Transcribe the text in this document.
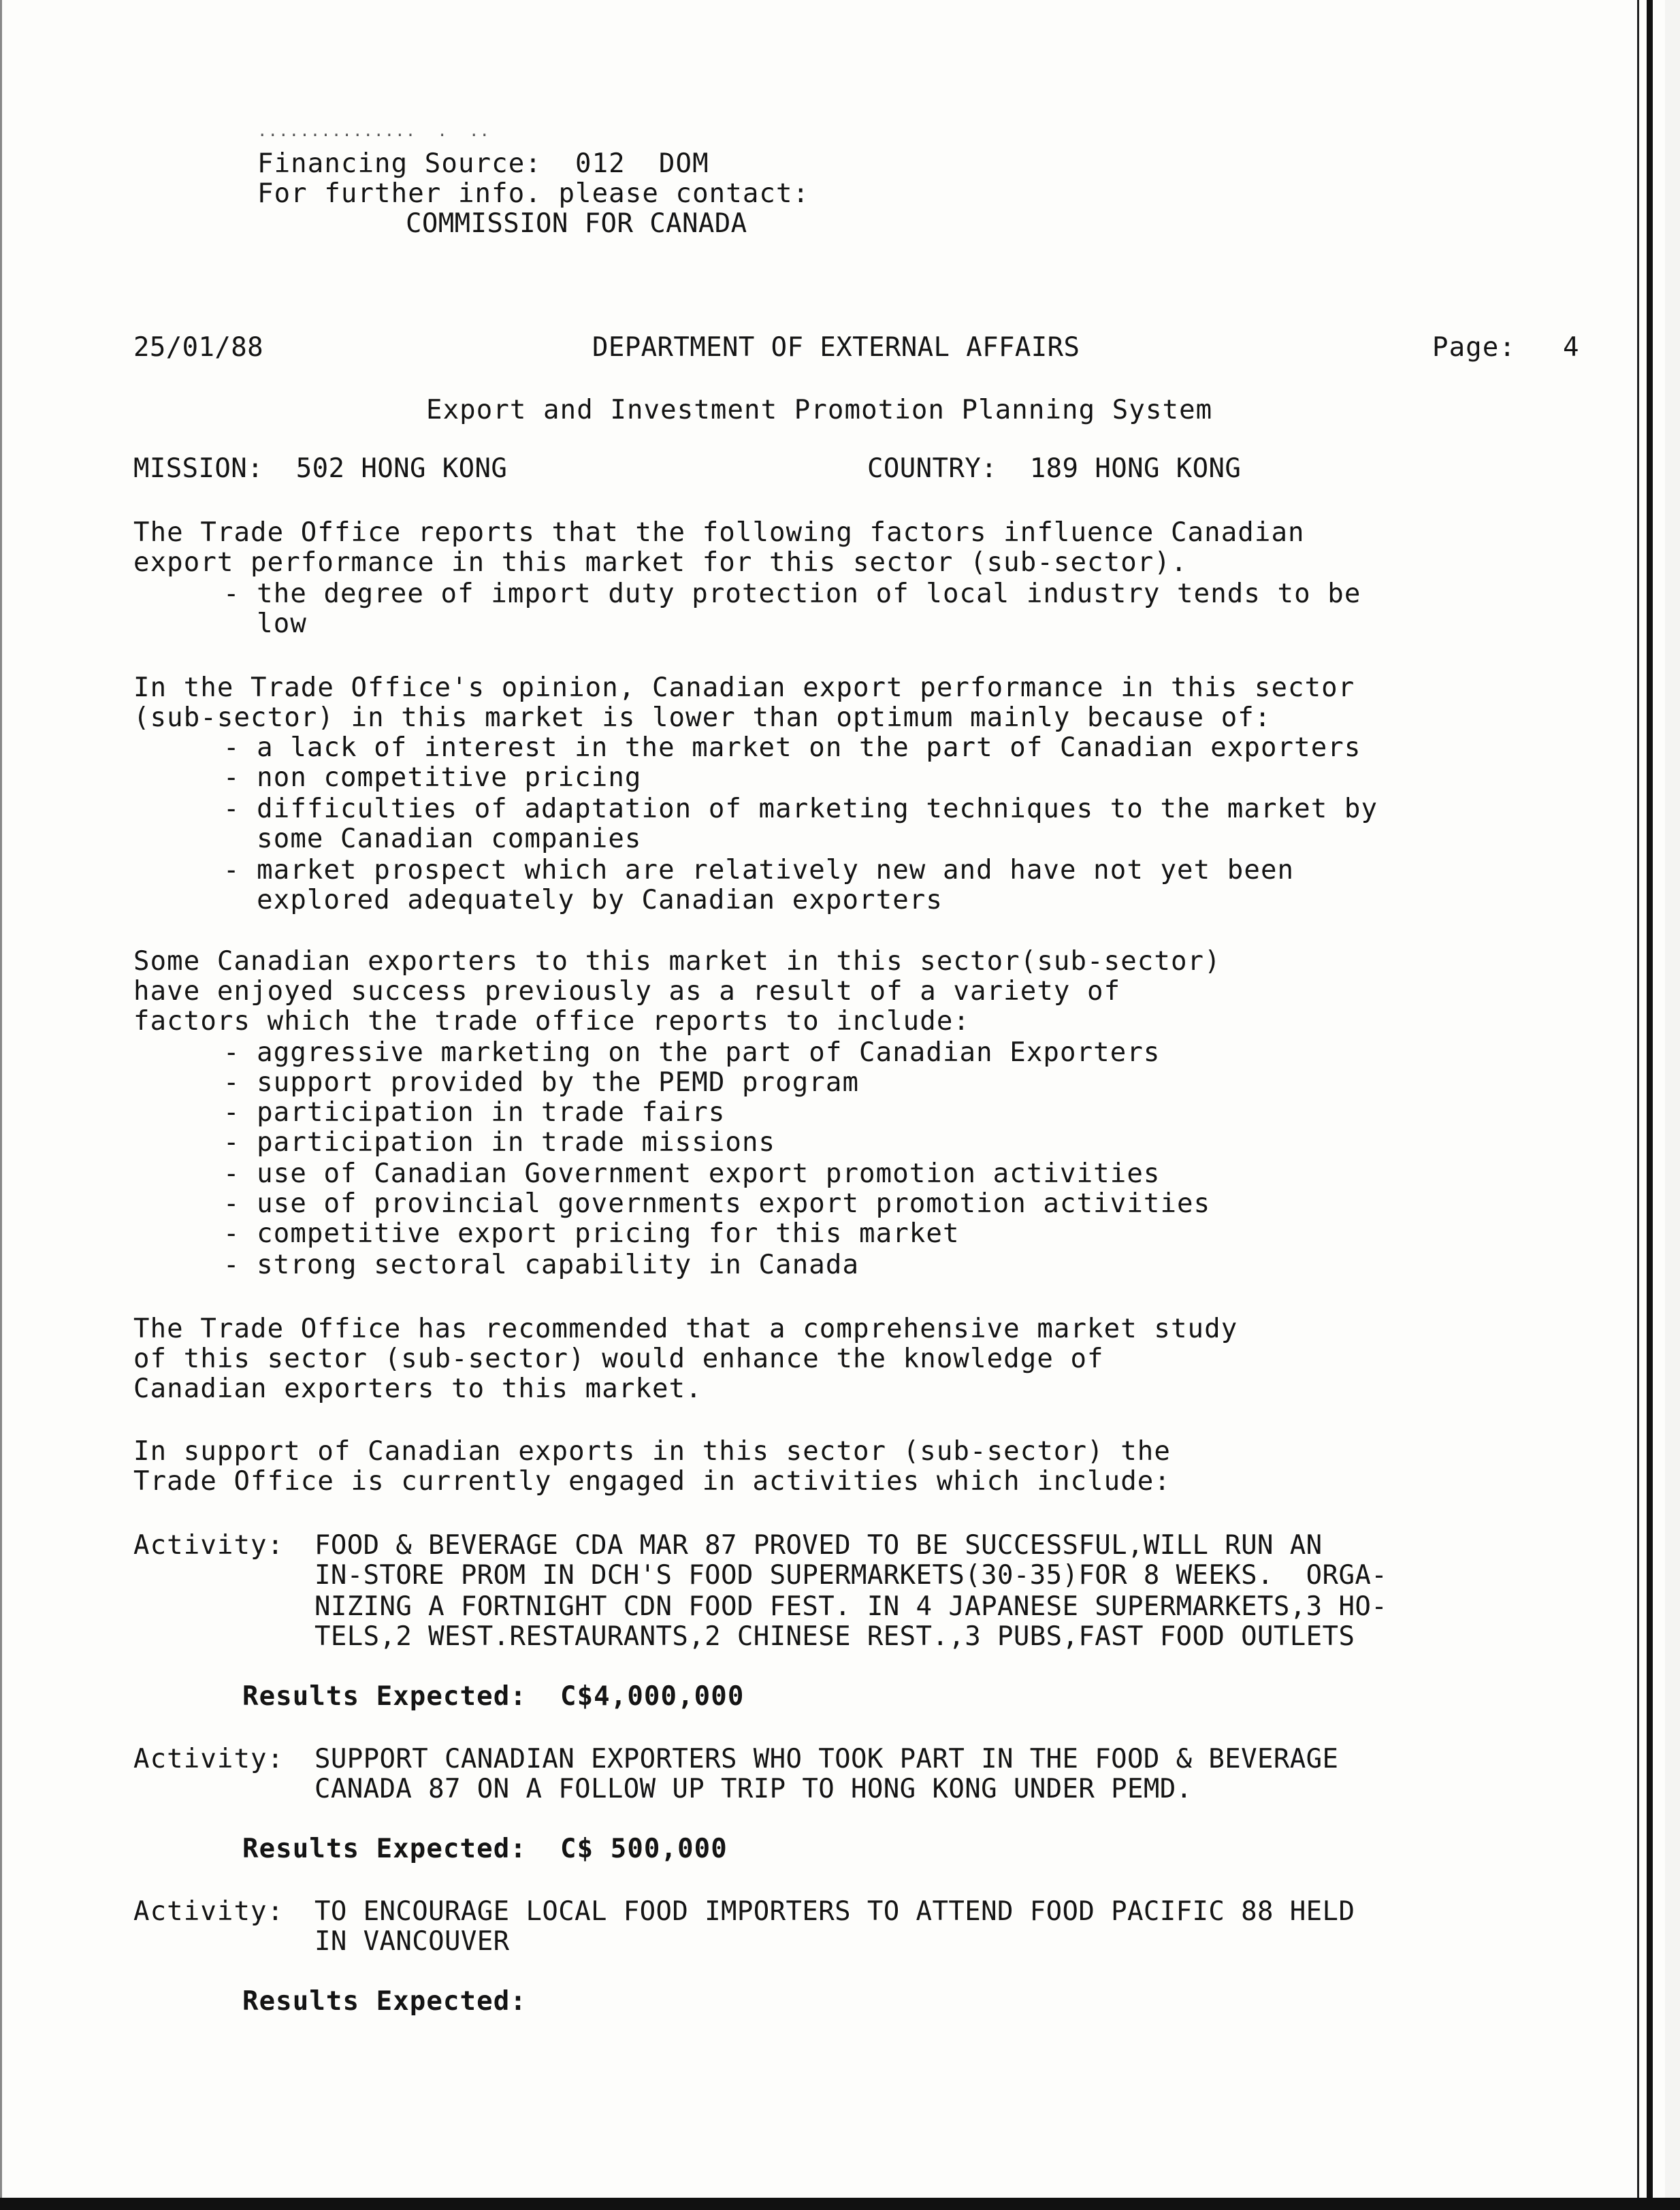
...............  .  ..
Financing Source:  012  DOM
For further info. please contact:
COMMISSION FOR CANADA
25/01/88	DEPARTMENT OF EXTERNAL AFFAIRS	Page: 4
Export and Investment Promotion Planning System
MISSION:  502 HONG KONG	COUNTRY:  189 HONG KONG
The Trade Office reports that the following factors influence Canadian
export performance in this market for this sector (sub-sector).
- the degree of import duty protection of local industry tends to be
low
In the Trade Office's opinion, Canadian export performance in this sector
(sub-sector) in this market is lower than optimum mainly because of:
- a lack of interest in the market on the part of Canadian exporters
- non competitive pricing
- difficulties of adaptation of marketing techniques to the market by
some Canadian companies
- market prospect which are relatively new and have not yet been
explored adequately by Canadian exporters
Some Canadian exporters to this market in this sector(sub-sector)
have enjoyed success previously as a result of a variety of
factors which the trade office reports to include:
- aggressive marketing on the part of Canadian Exporters
- support provided by the PEMD program
- participation in trade fairs
- participation in trade missions
- use of Canadian Government export promotion activities
- use of provincial governments export promotion activities
- competitive export pricing for this market
- strong sectoral capability in Canada
The Trade Office has recommended that a comprehensive market study
of this sector (sub-sector) would enhance the knowledge of
Canadian exporters to this market.
In support of Canadian exports in this sector (sub-sector) the
Trade Office is currently engaged in activities which include:
Activity: FOOD & BEVERAGE CDA MAR 87 PROVED TO BE SUCCESSFUL,WILL RUN AN
IN-STORE PROM IN DCH'S FOOD SUPERMARKETS(30-35)FOR 8 WEEKS.  ORGA-
NIZING A FORTNIGHT CDN FOOD FEST. IN 4 JAPANESE SUPERMARKETS,3 HO-
TELS,2 WEST.RESTAURANTS,2 CHINESE REST.,3 PUBS,FAST FOOD OUTLETS
Results Expected:  C$4,000,000
Activity: SUPPORT CANADIAN EXPORTERS WHO TOOK PART IN THE FOOD & BEVERAGE
CANADA 87 ON A FOLLOW UP TRIP TO HONG KONG UNDER PEMD.
Results Expected:  C$ 500,000
Activity: TO ENCOURAGE LOCAL FOOD IMPORTERS TO ATTEND FOOD PACIFIC 88 HELD
IN VANCOUVER
Results Expected:
